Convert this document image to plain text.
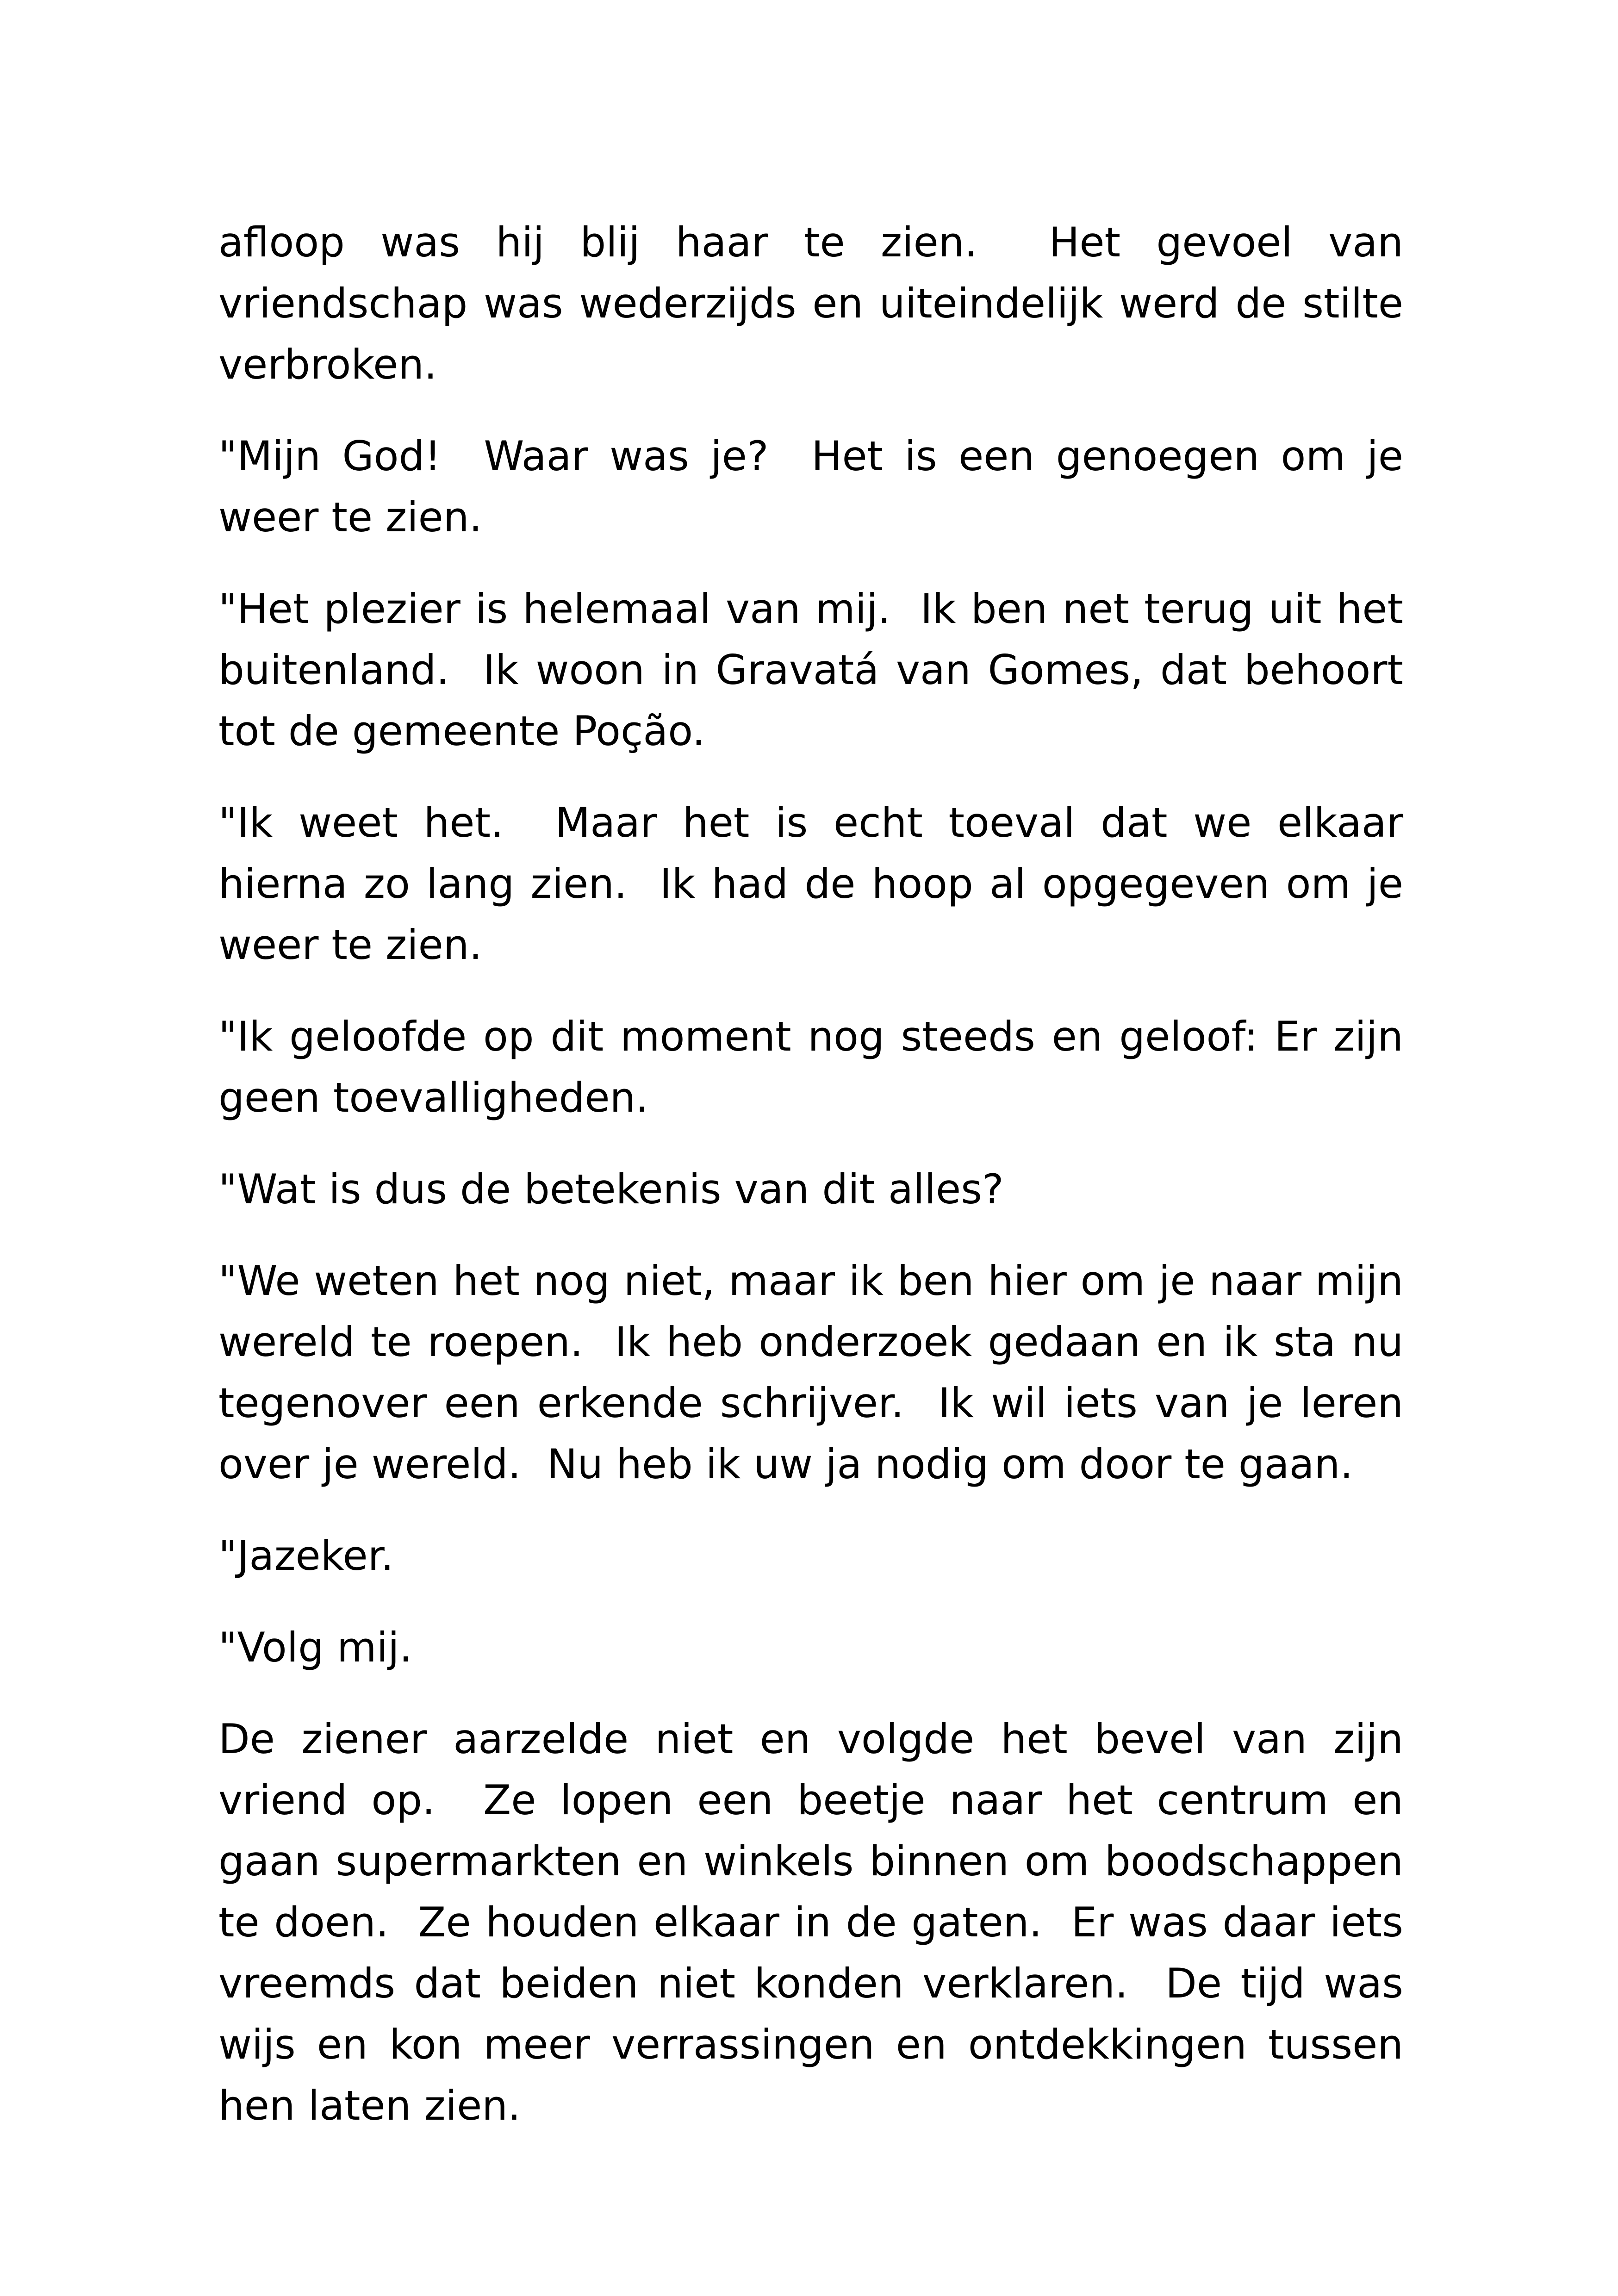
afloop was hij blij haar te zien.  Het gevoel van vriendschap was wederzijds en uiteindelijk werd de stilte verbroken.

"Mijn God!  Waar was je?  Het is een genoegen om je weer te zien.

"Het plezier is helemaal van mij.  Ik ben net terug uit het buitenland.  Ik woon in Gravatá van Gomes, dat behoort tot de gemeente Poção.

"Ik weet het.  Maar het is echt toeval dat we elkaar hierna zo lang zien.  Ik had de hoop al opgegeven om je weer te zien.

"Ik geloofde op dit moment nog steeds en geloof: Er zijn geen toevalligheden.

"Wat is dus de betekenis van dit alles?

"We weten het nog niet, maar ik ben hier om je naar mijn wereld te roepen.  Ik heb onderzoek gedaan en ik sta nu tegenover een erkende schrijver.  Ik wil iets van je leren over je wereld.  Nu heb ik uw ja nodig om door te gaan.

"Jazeker.

"Volg mij.

De ziener aarzelde niet en volgde het bevel van zijn vriend op.  Ze lopen een beetje naar het centrum en gaan supermarkten en winkels binnen om boodschappen te doen.  Ze houden elkaar in de gaten.  Er was daar iets vreemds dat beiden niet konden verklaren.  De tijd was wijs en kon meer verrassingen en ontdekkingen tussen hen laten zien.
